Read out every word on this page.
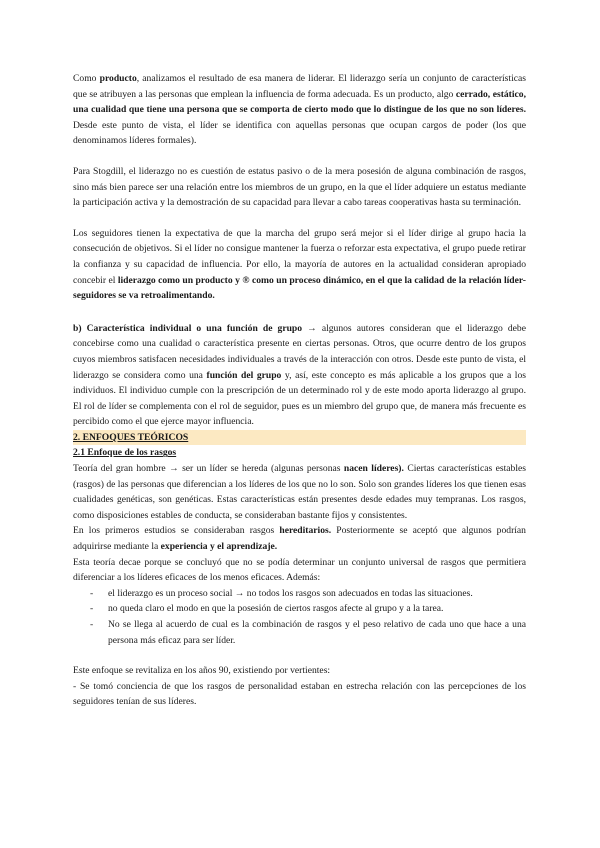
Como producto, analizamos el resultado de esa manera de liderar. El liderazgo sería un conjunto de características que se atribuyen a las personas que emplean la influencia de forma adecuada. Es un producto, algo cerrado, estático, una cualidad que tiene una persona que se comporta de cierto modo que lo distingue de los que no son líderes. Desde este punto de vista, el líder se identifica con aquellas personas que ocupan cargos de poder (los que denominamos líderes formales).

Para Stogdill, el liderazgo no es cuestión de estatus pasivo o de la mera posesión de alguna combinación de rasgos, sino más bien parece ser una relación entre los miembros de un grupo, en la que el líder adquiere un estatus mediante la participación activa y la demostración de su capacidad para llevar a cabo tareas cooperativas hasta su terminación.

Los seguidores tienen la expectativa de que la marcha del grupo será mejor si el líder dirige al grupo hacia la consecución de objetivos. Si el líder no consigue mantener la fuerza o reforzar esta expectativa, el grupo puede retirar la confianza y su capacidad de influencia. Por ello, la mayoría de autores en la actualidad consideran apropiado concebir el liderazgo como un producto y ® como un proceso dinámico, en el que la calidad de la relación líder-seguidores se va retroalimentando.

b) Característica individual o una función de grupo → algunos autores consideran que el liderazgo debe concebirse como una cualidad o característica presente en ciertas personas. Otros, que ocurre dentro de los grupos cuyos miembros satisfacen necesidades individuales a través de la interacción con otros. Desde este punto de vista, el liderazgo se considera como una función del grupo y, así, este concepto es más aplicable a los grupos que a los individuos. El individuo cumple con la prescripción de un determinado rol y de este modo aporta liderazgo al grupo. El rol de líder se complementa con el rol de seguidor, pues es un miembro del grupo que, de manera más frecuente es percibido como el que ejerce mayor influencia.

2. ENFOQUES TEÓRICOS

2.1 Enfoque de los rasgos

Teoría del gran hombre → ser un líder se hereda (algunas personas nacen líderes). Ciertas características estables (rasgos) de las personas que diferencian a los líderes de los que no lo son. Solo son grandes líderes los que tienen esas cualidades genéticas, son genéticas. Estas características están presentes desde edades muy tempranas. Los rasgos, como disposiciones estables de conducta, se consideraban bastante fijos y consistentes.

En los primeros estudios se consideraban rasgos hereditarios. Posteriormente se aceptó que algunos podrían adquirirse mediante la experiencia y el aprendizaje.

Esta teoría decae porque se concluyó que no se podía determinar un conjunto universal de rasgos que permitiera diferenciar a los líderes eficaces de los menos eficaces. Además:

- el liderazgo es un proceso social → no todos los rasgos son adecuados en todas las situaciones.
- no queda claro el modo en que la posesión de ciertos rasgos afecte al grupo y a la tarea.
- No se llega al acuerdo de cual es la combinación de rasgos y el peso relativo de cada uno que hace a una persona más eficaz para ser líder.

Este enfoque se revitaliza en los años 90, existiendo por vertientes:

- Se tomó conciencia de que los rasgos de personalidad estaban en estrecha relación con las percepciones de los seguidores tenían de sus líderes.
